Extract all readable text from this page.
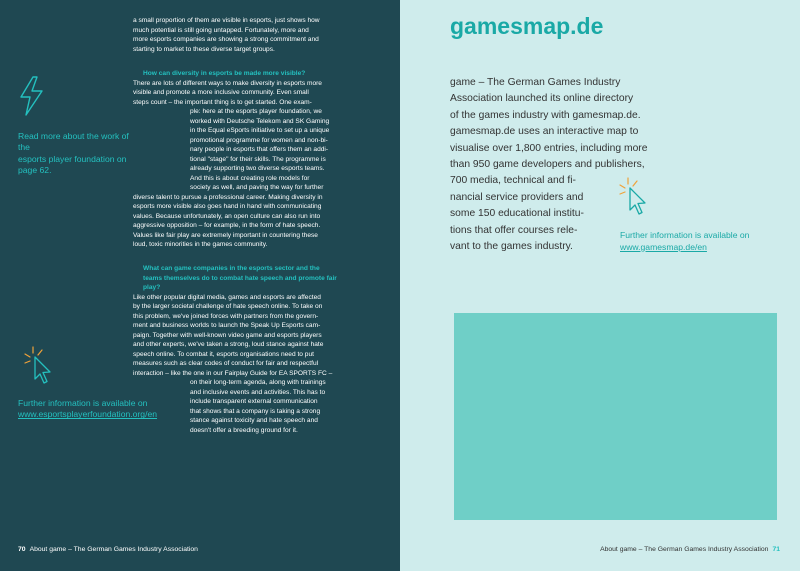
a small proportion of them are visible in esports, just shows how
much potential is still going untapped. Fortunately, more and
more esports companies are showing a strong commitment and
starting to market to these diverse target groups.
How can diversity in esports be made more visible?
There are lots of different ways to make diversity in esports more
visible and promote a more inclusive community. Even small
steps count – the important thing is to get started. One exam-
ple: here at the esports player foundation, we
worked with Deutsche Telekom and SK Gaming
in the Equal eSports initiative to set up a unique
promotional programme for women and non-bi-
nary people in esports that offers them an addi-
tional "stage" for their skills. The programme is
already supporting two diverse esports teams.
And this is about creating role models for
society as well, and paving the way for further
diverse talent to pursue a professional career. Making diversity in
esports more visible also goes hand in hand with communicating
values. Because unfortunately, an open culture can also run into
aggressive opposition – for example, in the form of hate speech.
Values like fair play are extremely important in countering these
loud, toxic minorities in the games community.
What can game companies in the esports sector and the
teams themselves do to combat hate speech and promote fair
play?
Like other popular digital media, games and esports are affected
by the larger societal challenge of hate speech online. To take on
this problem, we've joined forces with partners from the govern-
ment and business worlds to launch the Speak Up Esports cam-
paign. Together with well-known video game and esports players
and other experts, we've taken a strong, loud stance against hate
speech online. To combat it, esports organisations need to put
measures such as clear codes of conduct for fair and respectful
interaction – like the one in our Fairplay Guide for EA SPORTS FC –
on their long-term agenda, along with trainings
and inclusive events and activities. This has to
include transparent external communication
that shows that a company is taking a strong
stance against toxicity and hate speech and
doesn't offer a breeding ground for it.
Read more about the work of the
esports player foundation on
page 62.
Further information is available on
www.esportsplayerfoundation.org/en
70 About game – The German Games Industry Association
gamesmap.de
game – The German Games Industry
Association launched its online directory
of the games industry with gamesmap.de.
gamesmap.de uses an interactive map to
visualise over 1,800 entries, including more
than 950 game developers and publishers,
700 media, technical and fi-
nancial service providers and
some 150 educational institu-
tions that offer courses rele-
vant to the games industry.
Further information is available on
www.gamesmap.de/en
About game – The German Games Industry Association 71
